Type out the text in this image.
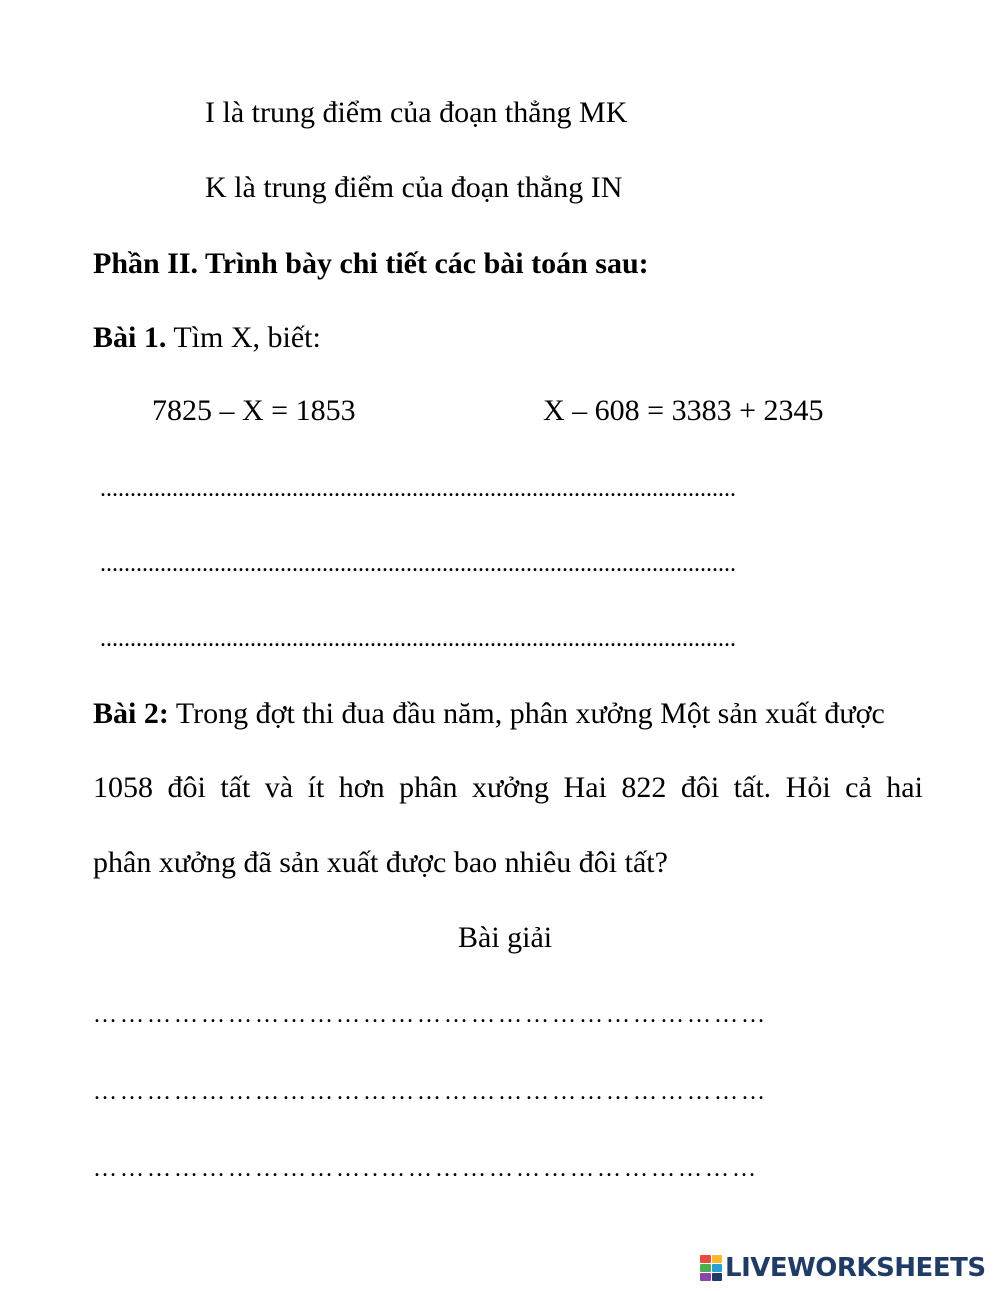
I là trung điểm của đoạn thẳng MK

K là trung điểm của đoạn thẳng IN

Phần II. Trình bày chi tiết các bài toán sau:

Bài 1. Tìm X, biết:

7825 – X = 1853	X – 608 = 3383 + 2345

..........................................................................................................
..........................................................................................................
..........................................................................................................

Bài 2: Trong đợt thi đua đầu năm, phân xưởng Một sản xuất được

1058 đôi tất và ít hơn phân xưởng Hai 822 đôi tất. Hỏi cả hai

phân xưởng đã sản xuất được bao nhiêu đôi tất?

Bài giải

…………………………………………………………………
…………………………………………………………………
…………………………..……………………………………
LIVEWORKSHEETS
